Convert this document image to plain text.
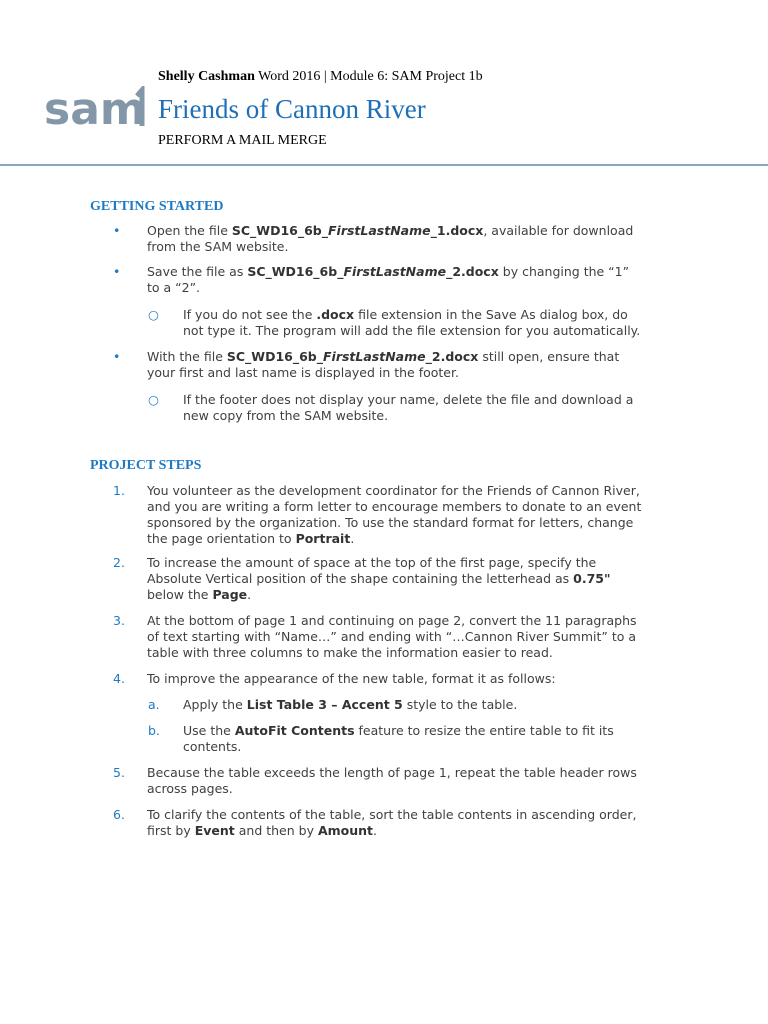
sam
Shelly Cashman Word 2016 | Module 6: SAM Project 1b
Friends of Cannon River
PERFORM A MAIL MERGE
GETTING STARTED
• Open the file SC_WD16_6b_FirstLastName_1.docx, available for download
from the SAM website.
• Save the file as SC_WD16_6b_FirstLastName_2.docx by changing the “1”
to a “2”.
○ If you do not see the .docx file extension in the Save As dialog box, do
not type it. The program will add the file extension for you automatically.
• With the file SC_WD16_6b_FirstLastName_2.docx still open, ensure that
your first and last name is displayed in the footer.
○ If the footer does not display your name, delete the file and download a
new copy from the SAM website.
PROJECT STEPS
1. You volunteer as the development coordinator for the Friends of Cannon River,
and you are writing a form letter to encourage members to donate to an event
sponsored by the organization. To use the standard format for letters, change
the page orientation to Portrait.
2. To increase the amount of space at the top of the first page, specify the
Absolute Vertical position of the shape containing the letterhead as 0.75"
below the Page.
3. At the bottom of page 1 and continuing on page 2, convert the 11 paragraphs
of text starting with “Name…” and ending with “…Cannon River Summit” to a
table with three columns to make the information easier to read.
4. To improve the appearance of the new table, format it as follows:
a. Apply the List Table 3 – Accent 5 style to the table.
b. Use the AutoFit Contents feature to resize the entire table to fit its
contents.
5. Because the table exceeds the length of page 1, repeat the table header rows
across pages.
6. To clarify the contents of the table, sort the table contents in ascending order,
first by Event and then by Amount.
